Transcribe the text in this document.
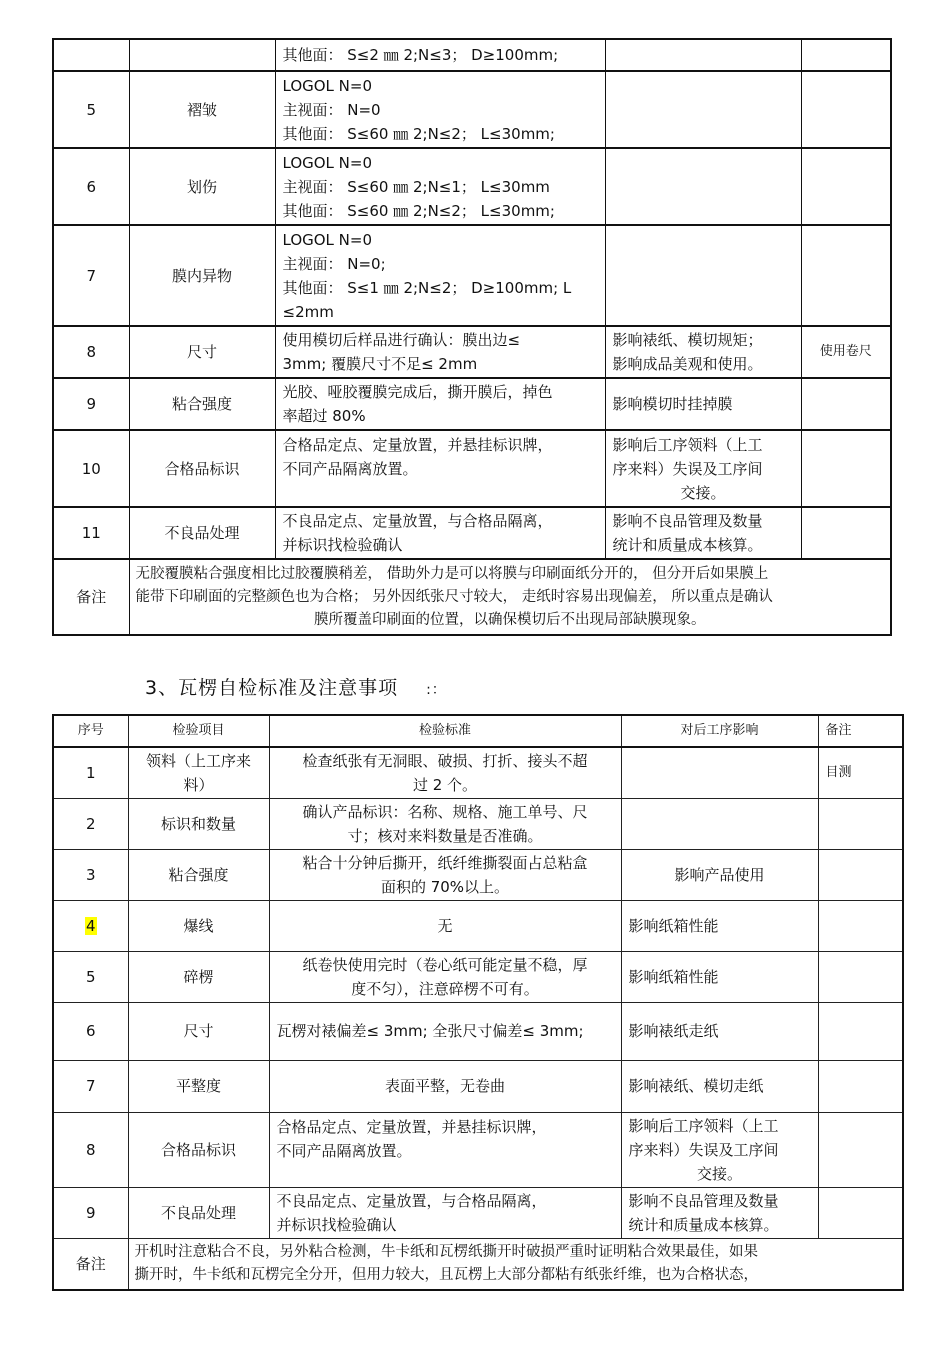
		其他面： S≤2 ㎜ 2;N≤3； D≥100mm;		

5	褶皱	LOGOL N=0
主视面： N=0
其他面： S≤60 ㎜ 2;N≤2； L≤30mm;		

6	划伤	LOGOL N=0
主视面： S≤60 ㎜ 2;N≤1； L≤30mm
其他面： S≤60 ㎜ 2;N≤2； L≤30mm;		

7	膜内异物	LOGOL N=0
主视面： N=0;
其他面： S≤1 ㎜ 2;N≤2； D≥100mm; L
≤2mm		

8	尺寸	使用模切后样品进行确认：膜出边≤
3mm; 覆膜尺寸不足≤ 2mm	影响裱纸、模切规矩；
影响成品美观和使用。	使用卷尺
9	粘合强度	光胶、哑胶覆膜完成后，撕开膜后，掉色
率超过 80%	影响模切时挂掉膜	

10	合格品标识	合格品定点、定量放置，并悬挂标识牌，
不同产品隔离放置。	影响后工序领料（上工
序来料）失误及工序间
交接。	

11	不良品处理	不良品定点、定量放置，与合格品隔离，
并标识找检验确认	影响不良品管理及数量
统计和质量成本核算。	

备注	无胶覆膜粘合强度相比过胶覆膜稍差， 借助外力是可以将膜与印刷面纸分开的， 但分开后如果膜上
能带下印刷面的完整颜色也为合格； 另外因纸张尺寸较大， 走纸时容易出现偏差， 所以重点是确认
膜所覆盖印刷面的位置，以确保模切后不出现局部缺膜现象。			
3、瓦楞自检标准及注意事项 :：
序号	检验项目	检验标准	对后工序影响	备注
1	领料（上工序来
料）	检查纸张有无洞眼、破损、打折、接头不超
过 2 个。		目测
2	标识和数量	确认产品标识：名称、规格、施工单号、尺
寸；核对来料数量是否准确。		

3	粘合强度	粘合十分钟后撕开，纸纤维撕裂面占总粘盒
面积的 70%以上。	影响产品使用	
4	爆线	无	影响纸箱性能	
5	碎楞	纸卷快使用完时（卷心纸可能定量不稳，厚
度不匀），注意碎楞不可有。	影响纸箱性能	
6	尺寸	瓦楞对裱偏差≤ 3mm; 全张尺寸偏差≤ 3mm;	影响裱纸走纸	
7	平整度	表面平整，无卷曲	影响裱纸、模切走纸	
8	合格品标识	合格品定点、定量放置，并悬挂标识牌，
不同产品隔离放置。	影响后工序领料（上工
序来料）失误及工序间
交接。	

9	不良品处理	不良品定点、定量放置，与合格品隔离，
并标识找检验确认	影响不良品管理及数量
统计和质量成本核算。	

备注	开机时注意粘合不良，另外粘合检测，牛卡纸和瓦楞纸撕开时破损严重时证明粘合效果最佳，如果
撕开时，牛卡纸和瓦楞完全分开，但用力较大，且瓦楞上大部分都粘有纸张纤维，也为合格状态，			
